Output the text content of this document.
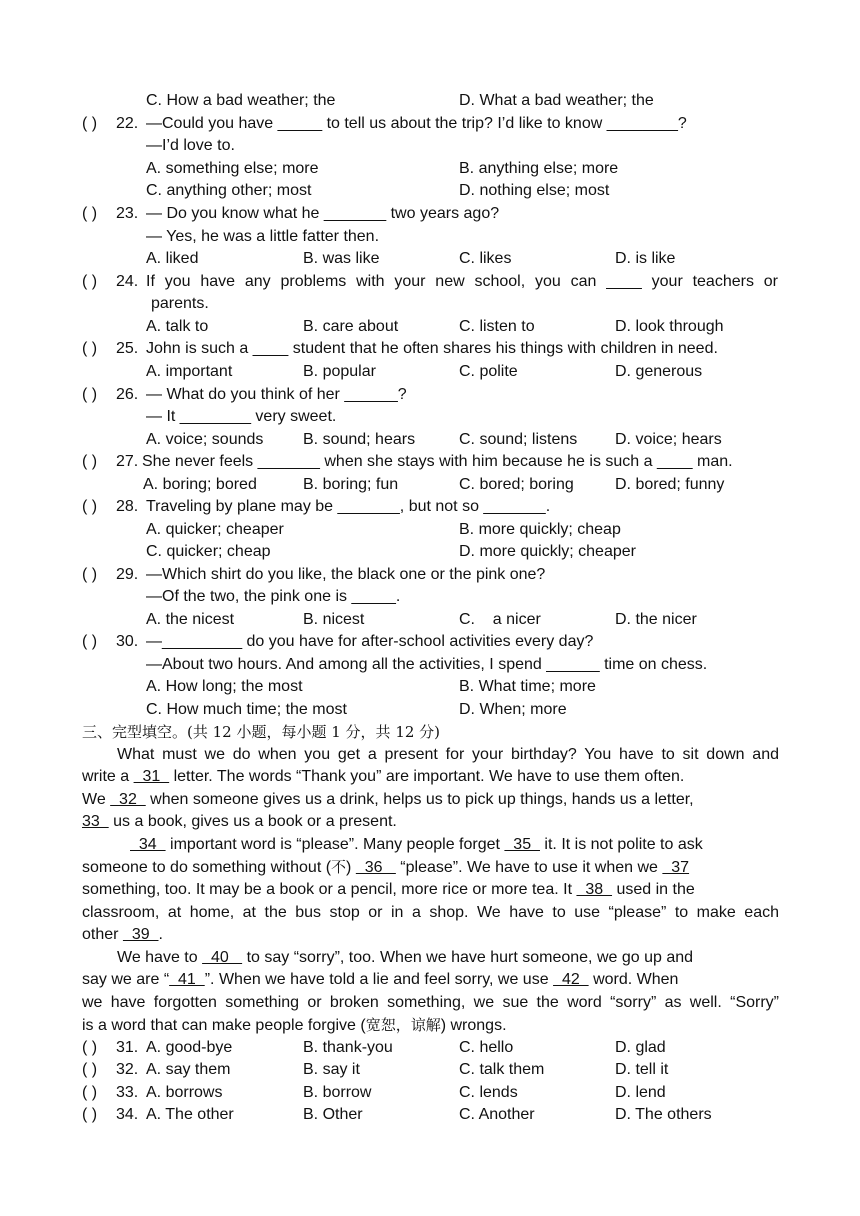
C. How a bad weather; the	D. What a bad weather; the
( ) 22. —Could you have _____ to tell us about the trip? I’d like to know ________?
—I’d love to.
A. something else; more	B. anything else; more
C. anything other; most	D. nothing else; most
( ) 23. — Do you know what he _______ two years ago?
— Yes, he was a little fatter then.
A. liked	B. was like	C. likes	D. is like
( ) 24. If you have any problems with your new school, you can ____ your teachers or
parents.
A. talk to	B. care about	C. listen to	D. look through
( ) 25. John is such a ____ student that he often shares his things with children in need.
A. important	B. popular	C. polite	D. generous
( ) 26. — What do you think of her ______?
— It ________ very sweet.
A. voice; sounds B. sound; hears	C. sound; listens D. voice; hears
( ) 27. She never feels _______ when she stays with him because he is such a ____ man.
A. boring; bored	B. boring; fun	C. bored; boring	D. bored; funny
( ) 28. Traveling by plane may be _______, but not so _______.
A. quicker; cheaper	B. more quickly; cheap
C. quicker; cheap	D. more quickly; cheaper
( ) 29. —Which shirt do you like, the black one or the pink one?
—Of the two, the pink one is _____.
A. the nicest	B. nicest	C.    a nicer	D. the nicer
( ) 30. —_________ do you have for after-school activities every day?
—About two hours. And among all the activities, I spend ______ time on chess.
A. How long; the most	B. What time; more
C. How much time; the most	D. When; more
三、完型填空。(共 12 小题，每小题 1 分，共 12 分)
What must we do when you get a present for your birthday? You have to sit down and
write a   31   letter. The words “Thank you” are important. We have to use them often.
We   32   when someone gives us a drink, helps us to pick up things, hands us a letter,
33   us a book, gives us a book or a present.
34   important word is “please”. Many people forget   35   it. It is not polite to ask
someone to do something without (不)   36    “please”. We have to use it when we   37
something, too. It may be a book or a pencil, more rice or more tea. It   38   used in the
classroom, at home, at the bus stop or in a shop. We have to use “please” to make each
other   39  .
We have to   40    to say “sorry”, too. When we have hurt someone, we go up and
say we are “  41  ”. When we have told a lie and feel sorry, we use   42   word. When
we have forgotten something or broken something, we sue the word “sorry” as well. “Sorry”
is a word that can make people forgive (宽恕，谅解) wrongs.
( ) 31. A. good-bye	B. thank-you	C. hello	D. glad
( ) 32. A. say them	B. say it	C. talk them	D. tell it
( ) 33. A. borrows	B. borrow	C. lends	D. lend
( ) 34. A. The other	B. Other	C. Another	D. The others
